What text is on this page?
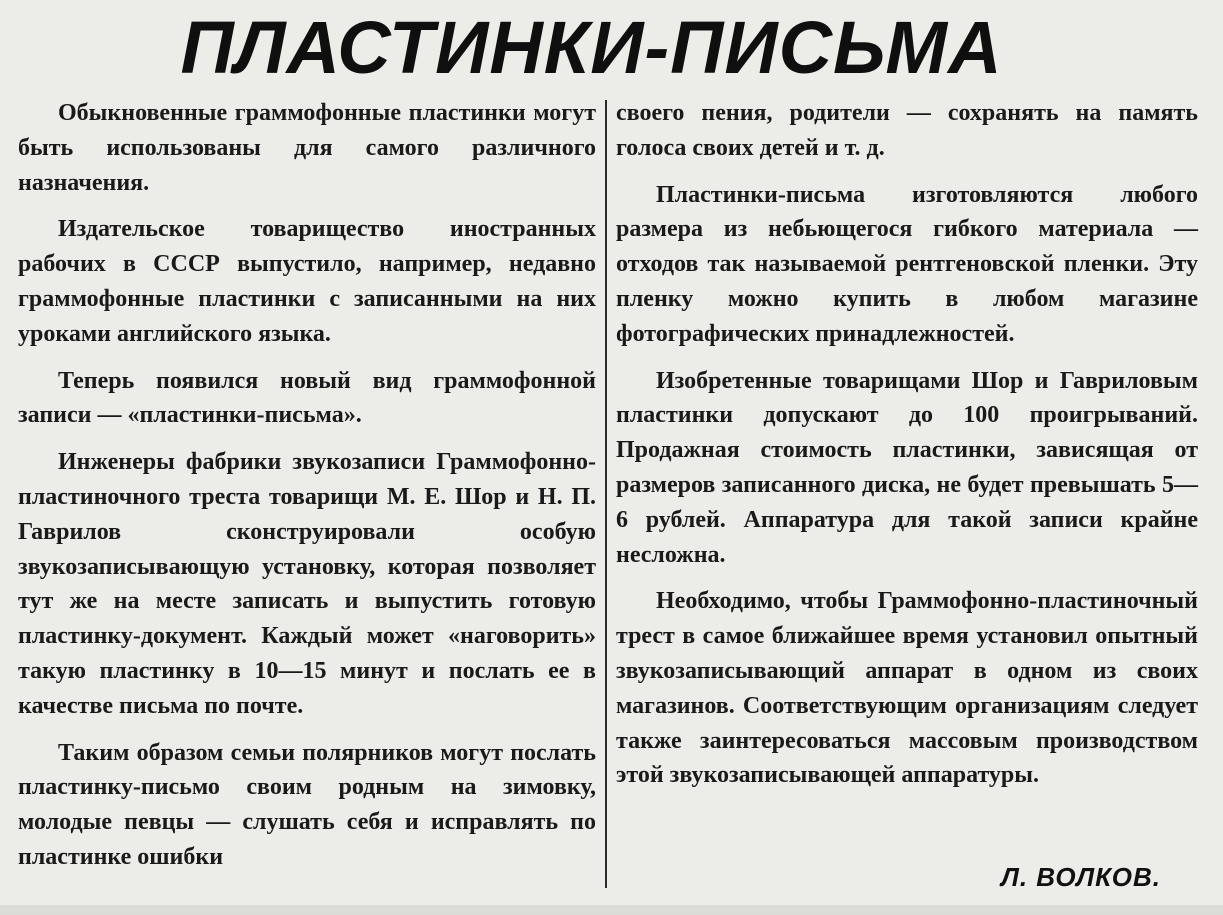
ПЛАСТИНКИ-ПИСЬМА

Обыкновенные граммофонные пластинки могут быть использованы для самого различного назначения.

Издательское товарищество иностранных рабочих в СССР выпустило, например, недавно граммофонные пластинки с записанными на них уроками английского языка.

Теперь появился новый вид граммофонной записи — «пластинки-письма».

Инженеры фабрики звукозаписи Граммофонно-пластиночного треста товарищи М. Е. Шор и Н. П. Гаврилов сконструировали особую звукозаписывающую установку, которая позволяет тут же на месте записать и выпустить готовую пластинку-документ. Каждый может «наговорить» такую пластинку в 10—15 минут и послать ее в качестве письма по почте.

Таким образом семьи полярников могут послать пластинку-письмо своим родным на зимовку, молодые певцы — слушать себя и исправлять по пластинке ошибки

своего пения, родители — сохранять на память голоса своих детей и т. д.

Пластинки-письма изготовляются любого размера из небьющегося гибкого материала — отходов так называемой рентгеновской пленки. Эту пленку можно купить в любом магазине фотографических принадлежностей.

Изобретенные товарищами Шор и Гавриловым пластинки допускают до 100 проигрываний. Продажная стоимость пластинки, зависящая от размеров записанного диска, не будет превышать 5—6 рублей. Аппаратура для такой записи крайне несложна.

Необходимо, чтобы Граммофонно-пластиночный трест в самое ближайшее время установил опытный звукозаписывающий аппарат в одном из своих магазинов. Соответствующим организациям следует также заинтересоваться массовым производством этой звукозаписывающей аппаратуры.

Л. ВОЛКОВ.
